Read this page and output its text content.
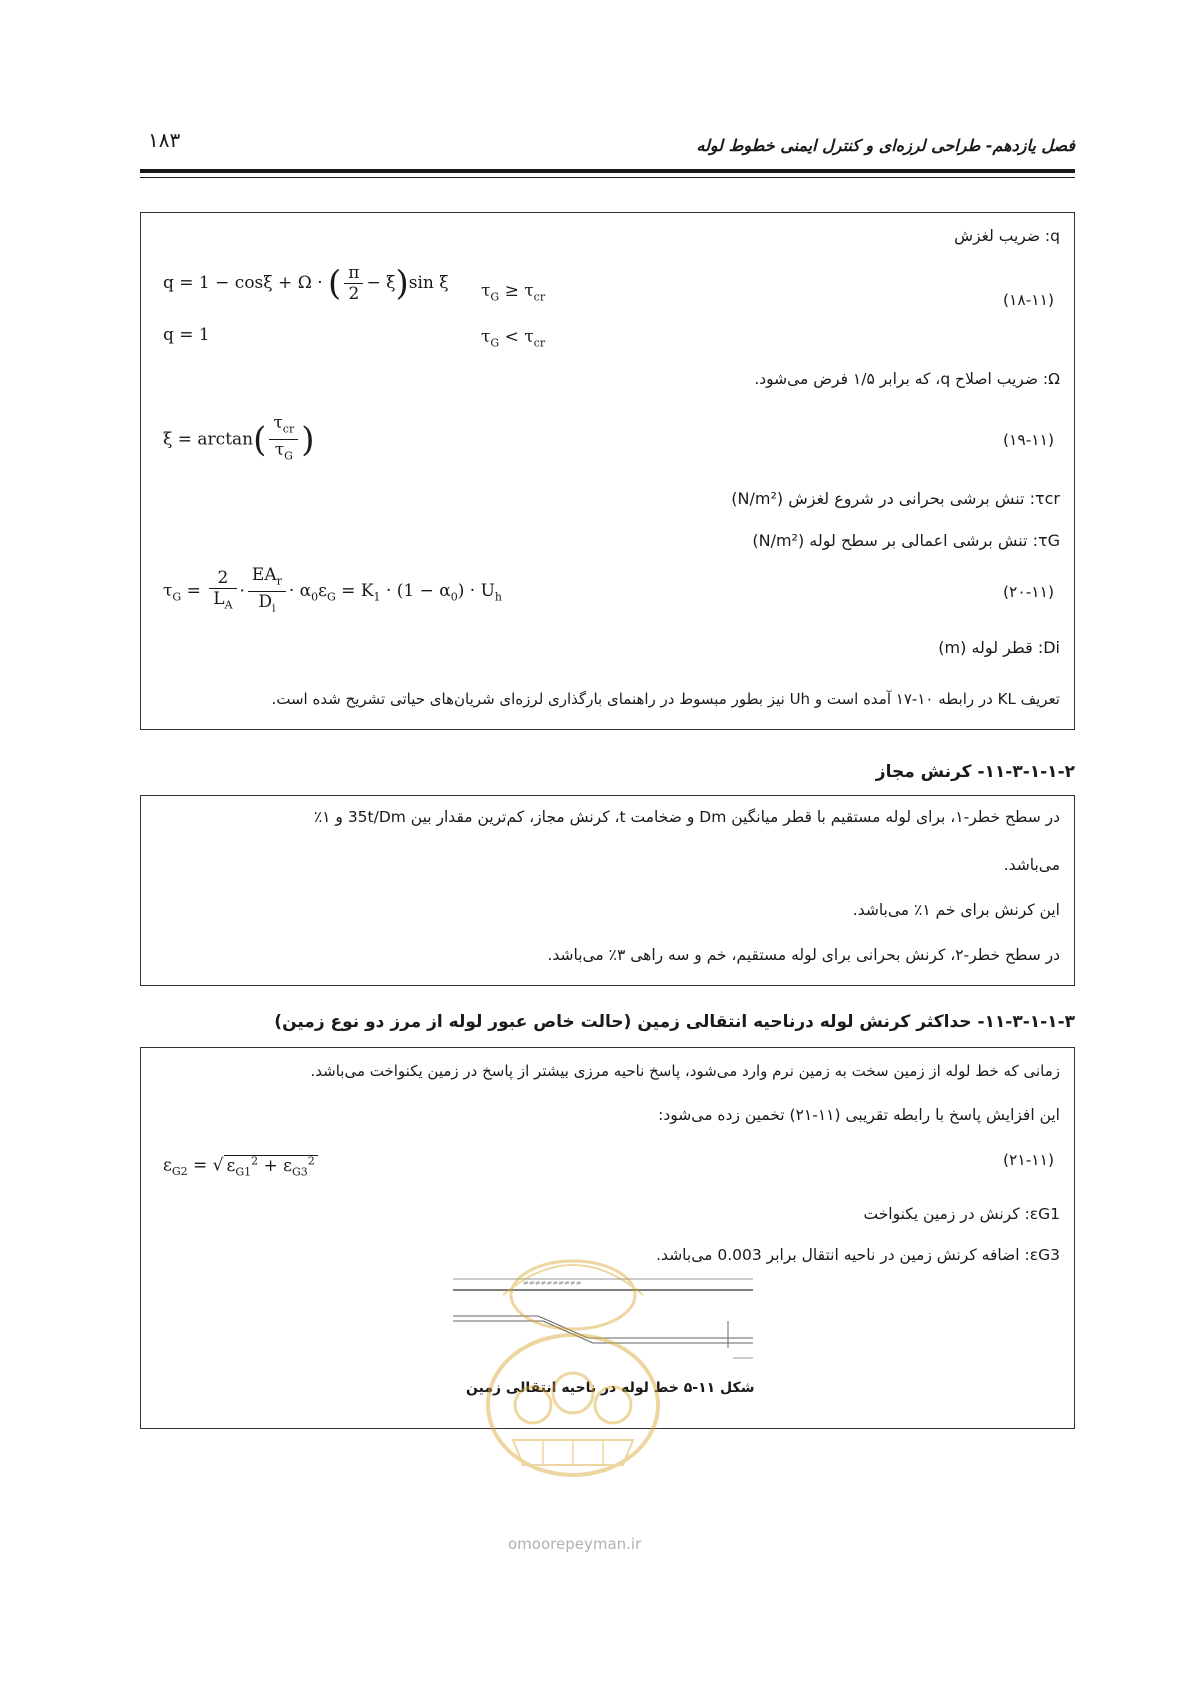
۱۸۳	فصل یازدهم- طراحی لرزه‌ای و کنترل ایمنی خطوط لوله
q: ضریب لغزش
q = 1 − cosξ + Ω · ( $\frac{\pi}{2} - \xi)\sin$ ξ $\tau_G \ge \tau_{cr}$
q = 1	$\tau_G < \tau_{cr}$
(۱۸-۱۱)
Ω: ضریب اصلاح q، که برابر ۱/۵ فرض می‌شود.
$\xi = \arctan( \frac{\tau_{cr}}{\tau_G}$ )	(۱۹-۱۱)
τcr: تنش برشی بحرانی در شروع لغزش (N/m²)
τG: تنش برشی اعمالی بر سطح لوله (N/m²)
$\tau_G = \frac{2}{L_A} \cdot \frac{EA_r}{D_i} \cdot \alpha_0\varepsilon_G = K_1 \cdot (1 - \alpha_0) \cdot U_h$	(۲۰-۱۱)
Di: قطر لوله (m)
تعریف KL در رابطه ۱۰-۱۷ آمده است و Uh نیز بطور مبسوط در راهنمای بارگذاری لرزه‌ای شریان‌های حیاتی تشریح شده است.
۱۱-۳-۱-۱-۲- کرنش مجاز
در سطح خطر-۱، برای لوله مستقیم با قطر میانگین Dm و ضخامت t، کرنش مجاز، کم‌ترین مقدار بین 35t/Dm و ۱٪
می‌باشد.
این کرنش برای خم ۱٪ می‌باشد.
در سطح خطر-۲، کرنش بحرانی برای لوله مستقیم، خم و سه راهی ۳٪ می‌باشد.
۱۱-۳-۱-۱-۳- حداکثر کرنش لوله درناحیه انتقالی زمین (حالت خاص عبور لوله از مرز دو نوع زمین)
زمانی که خط لوله از زمین سخت به زمین نرم وارد می‌شود، پاسخ ناحیه مرزی بیشتر از پاسخ در زمین یکنواخت می‌باشد.
این افزایش پاسخ با رابطه تقریبی (۱۱-۲۱) تخمین زده می‌شود:
$\varepsilon_{G2}$ = √ $\varepsilon_{G1}^2 + \varepsilon_{G3}^2$	(۲۱-۱۱)
εG1: کرنش در زمین یکنواخت
εG3: اضافه کرنش زمین در ناحیه انتقال برابر 0.003 می‌باشد.
≠≠≠≠≠≠≠≠≠≠
شکل ۱۱-۵ خط لوله در ناحیه انتقالی زمین
omoorepeyman.ir
